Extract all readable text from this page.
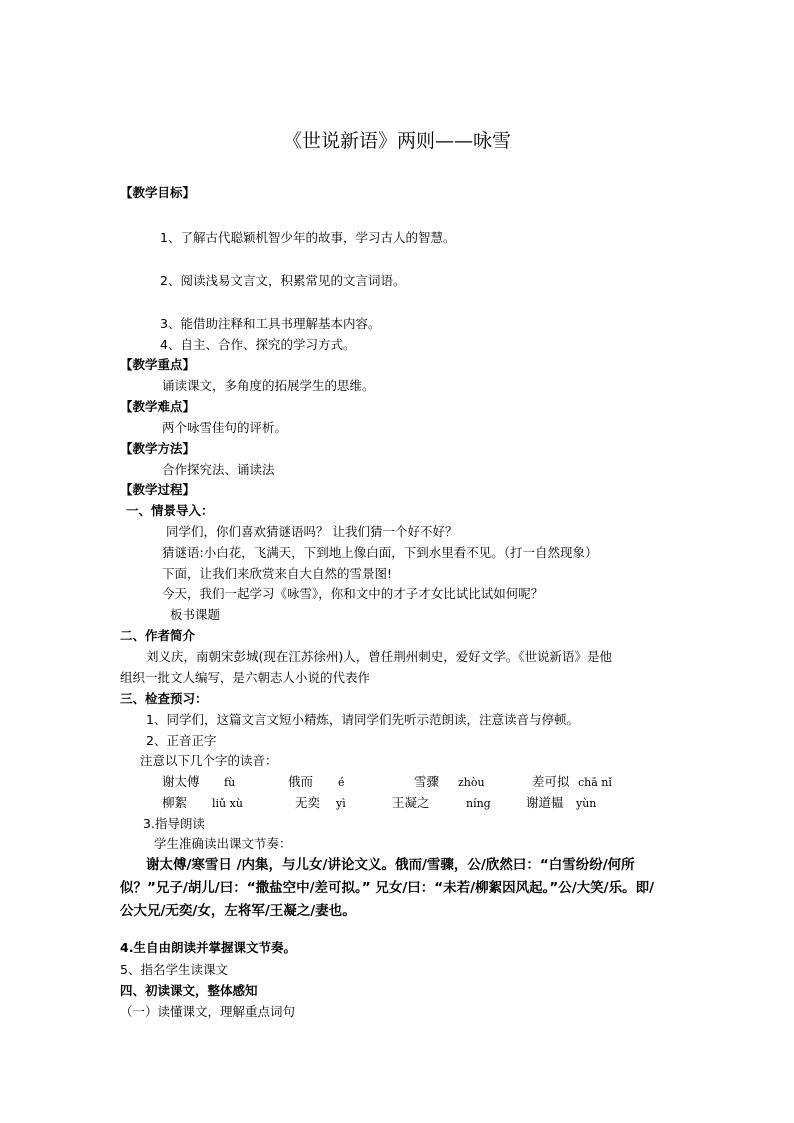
《世说新语》两则——咏雪
【教学目标】
1、了解古代聪颖机智少年的故事，学习古人的智慧。
2、阅读浅易文言文，积累常见的文言词语。
3、能借助注释和工具书理解基本内容。
4、自主、合作、探究的学习方式。
【教学重点】
诵读课文，多角度的拓展学生的思维。
【教学难点】
两个咏雪佳句的评析。
【教学方法】
合作探究法、诵读法
【教学过程】
一、情景导入：
同学们，你们喜欢猜谜语吗？ 让我们猜一个好不好？
猜谜语:小白花，飞满天，下到地上像白面，下到水里看不见。（打一自然现象）
下面，让我们来欣赏来自大自然的雪景图!
今天，我们一起学习《咏雪》，你和文中的才子才女比试比试如何呢？
板书课题
二、作者简介
刘义庆，南朝宋彭城(现在江苏徐州)人，曾任荆州刺史，爱好文学。《世说新语》是他
组织一批文人编写，是六朝志人小说的代表作
三、检查预习：
1、同学们，这篇文言文短小精炼，请同学们先听示范朗读，注意读音与停顿。
2、正音正字
注意以下几个字的读音：
谢太傅 fù	俄而 é	雪骤 zhòu	差可拟 chā nǐ
柳絮 liǔ xù	无奕 yì	王凝之	níng	谢道韫 yùn
3.指导朗读
学生准确读出课文节奏：
谢太傅/寒雪日 /内集，与儿女/讲论文义。俄而/雪骤，公/欣然曰：“白雪纷纷/何所
似？”兄子/胡儿/曰：“撒盐空中/差可拟。” 兄女/曰：“未若/柳絮因风起。”公/大笑/乐。即/
公大兄/无奕/女，左将军/王凝之/妻也。
4.生自由朗读并掌握课文节奏。
5、指名学生读课文
四、初读课文，整体感知
（一）读懂课文，理解重点词句
